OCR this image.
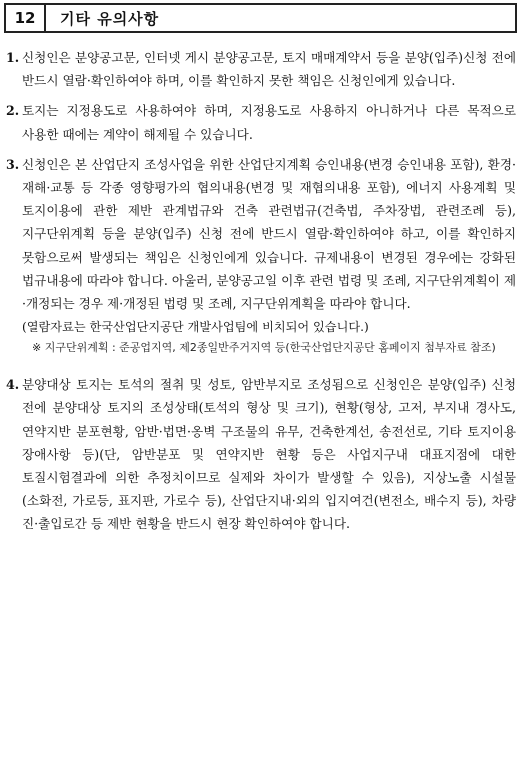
12	기타 유의사항
1. 신청인은 분양공고문, 인터넷 게시 분양공고문, 토지 매매계약서 등을 분양(입주)신청 전에 반드시 열람·확인하여야 하며, 이를 확인하지 못한 책임은 신청인에게 있습니다.
2. 토지는 지정용도로 사용하여야 하며, 지정용도로 사용하지 아니하거나 다른 목적으로 사용한 때에는 계약이 해제될 수 있습니다.
3. 신청인은 본 산업단지 조성사업을 위한 산업단지계획 승인내용(변경 승인내용 포함), 환경·재해·교통 등 각종 영향평가의 협의내용(변경 및 재협의내용 포함), 에너지 사용계획 및 토지이용에 관한 제반 관계법규와 건축 관련법규(건축법, 주차장법, 관련조례 등), 지구단위계획 등을 분양(입주) 신청 전에 반드시 열람·확인하여야 하고, 이를 확인하지 못함으로써 발생되는 책임은 신청인에게 있습니다. 규제내용이 변경된 경우에는 강화된 법규내용에 따라야 합니다. 아울러, 분양공고일 이후 관련 법령 및 조례, 지구단위계획이 제·개정되는 경우 제·개정된 법령 및 조례, 지구단위계획을 따라야 합니다.
(열람자료는 한국산업단지공단 개발사업팀에 비치되어 있습니다.)
※ 지구단위계획 : 준공업지역, 제2종일반주거지역 등(한국산업단지공단 홈페이지 첨부자료 참조)
4. 분양대상 토지는 토석의 절취 및 성토, 암반부지로 조성됨으로 신청인은 분양(입주) 신청 전에 분양대상 토지의 조성상태(토석의 형상 및 크기), 현황(형상, 고저, 부지내 경사도, 연약지반 분포현황, 암반·법면·옹벽 구조물의 유무, 건축한계선, 송전선로, 기타 토지이용 장애사항 등)(단, 암반분포 및 연약지반 현황 등은 사업지구내 대표지점에 대한 토질시험결과에 의한 추정치이므로 실제와 차이가 발생할 수 있음), 지상노출 시설물(소화전, 가로등, 표지판, 가로수 등), 산업단지내·외의 입지여건(변전소, 배수지 등), 차량 진·출입로간 등 제반 현황을 반드시 현장 확인하여야 합니다.
